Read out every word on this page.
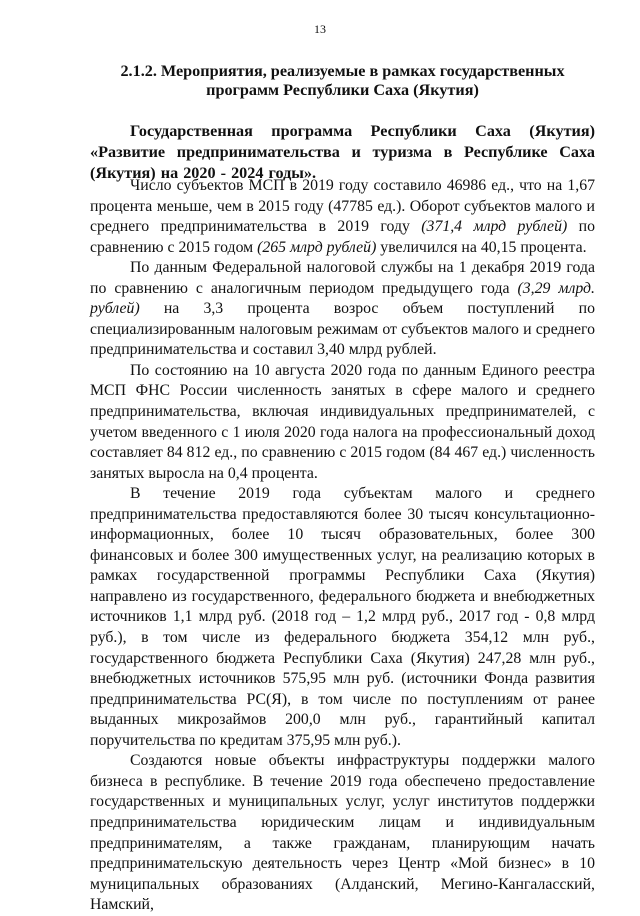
13
2.1.2. Мероприятия, реализуемые в рамках государственных программ Республики Саха (Якутия)
Государственная программа Республики Саха (Якутия) «Развитие предпринимательства и туризма в Республике Саха (Якутия) на 2020 - 2024 годы».

Число субъектов МСП в 2019 году составило 46986 ед., что на 1,67 процента меньше, чем в 2015 году (47785 ед.). Оборот субъектов малого и среднего предпринимательства в 2019 году (371,4 млрд рублей) по сравнению с 2015 годом (265 млрд рублей) увеличился на 40,15 процента.

По данным Федеральной налоговой службы на 1 декабря 2019 года по сравнению с аналогичным периодом предыдущего года (3,29 млрд. рублей) на 3,3 процента возрос объем поступлений по специализированным налоговым режимам от субъектов малого и среднего предпринимательства и составил 3,40 млрд рублей.

По состоянию на 10 августа 2020 года по данным Единого реестра МСП ФНС России численность занятых в сфере малого и среднего предпринимательства, включая индивидуальных предпринимателей, с учетом введенного с 1 июля 2020 года налога на профессиональный доход составляет 84 812 ед., по сравнению с 2015 годом (84 467 ед.) численность занятых выросла на 0,4 процента.

В течение 2019 года субъектам малого и среднего предпринимательства предоставляются более 30 тысяч консультационно-информационных, более 10 тысяч образовательных, более 300 финансовых и более 300 имущественных услуг, на реализацию которых в рамках государственной программы Республики Саха (Якутия) направлено из государственного, федерального бюджета и внебюджетных источников 1,1 млрд руб. (2018 год – 1,2 млрд руб., 2017 год - 0,8 млрд руб.), в том числе из федерального бюджета 354,12 млн руб., государственного бюджета Республики Саха (Якутия) 247,28 млн руб., внебюджетных источников 575,95 млн руб. (источники Фонда развития предпринимательства РС(Я), в том числе по поступлениям от ранее выданных микрозаймов 200,0 млн руб., гарантийный капитал поручительства по кредитам 375,95 млн руб.).

Создаются новые объекты инфраструктуры поддержки малого бизнеса в республике. В течение 2019 года обеспечено предоставление государственных и муниципальных услуг, услуг институтов поддержки предпринимательства юридическим лицам и индивидуальным предпринимателям, а также гражданам, планирующим начать предпринимательскую деятельность через Центр «Мой бизнес» в 10 муниципальных образованиях (Алданский, Мегино-Кангаласский, Намский,
